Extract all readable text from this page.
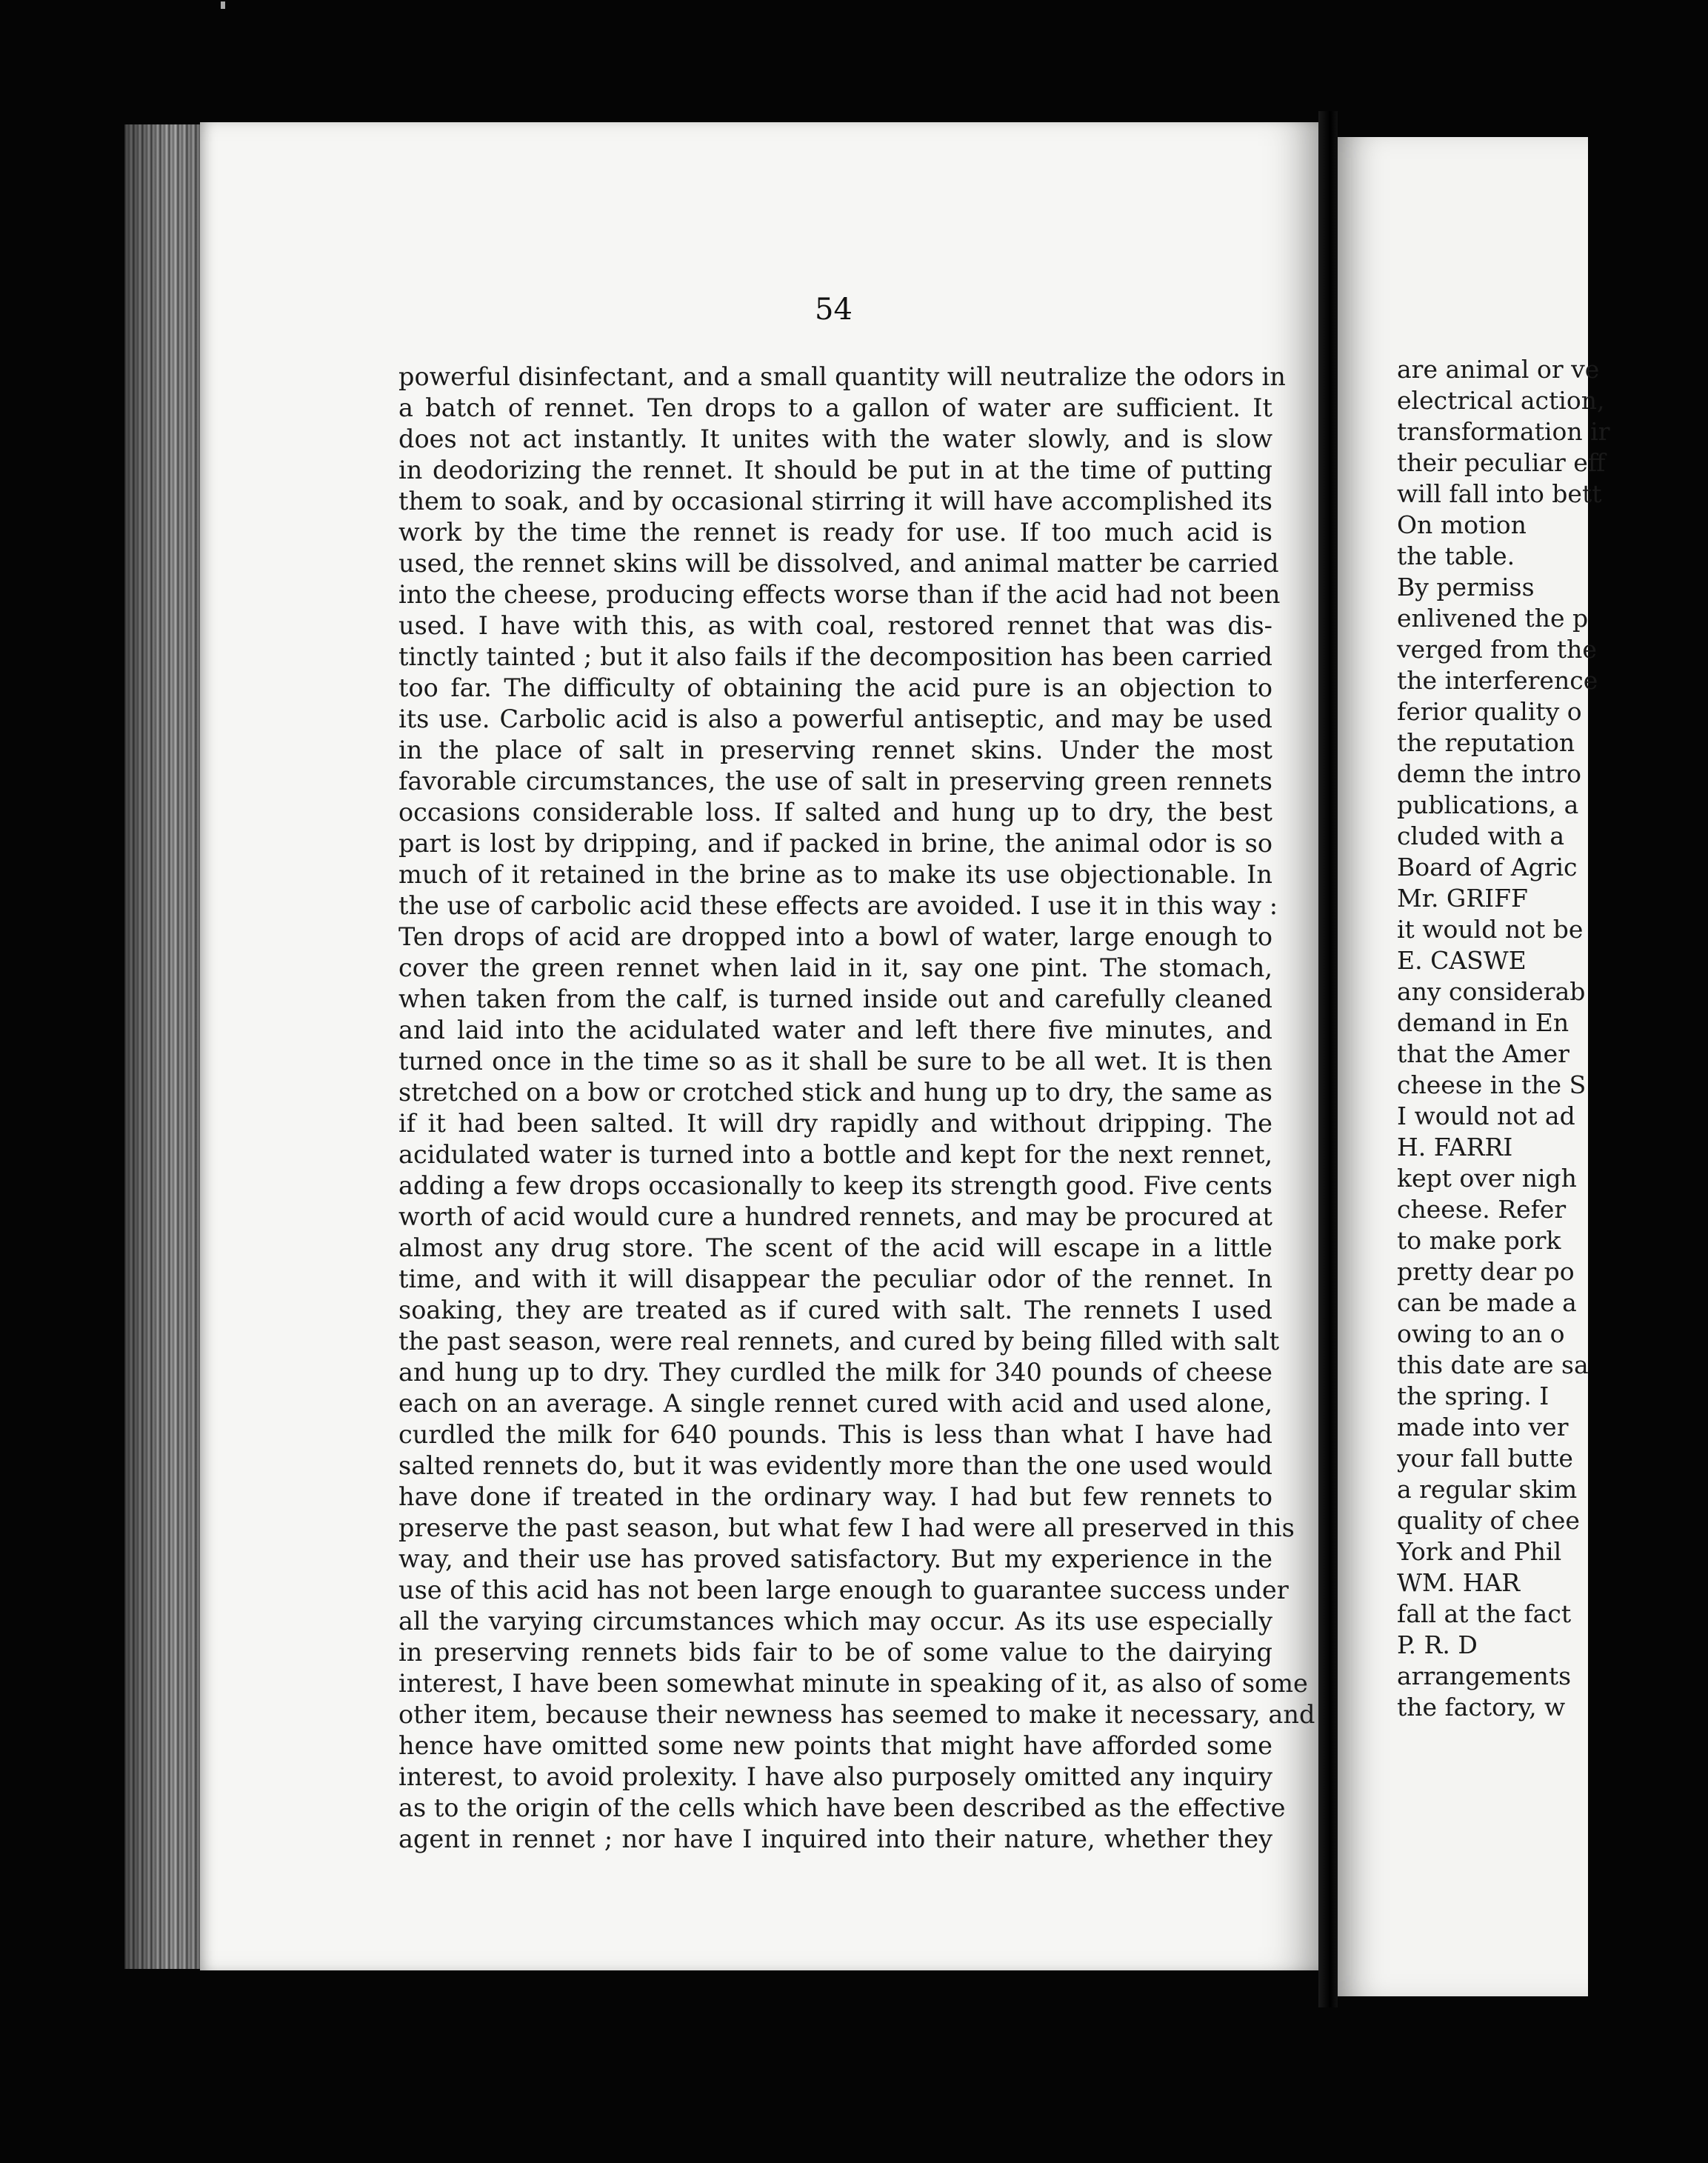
54
powerful disinfectant, and a small quantity will neutralize the odors in
a batch of rennet. Ten drops to a gallon of water are sufficient. It
does not act instantly. It unites with the water slowly, and is slow
in deodorizing the rennet. It should be put in at the time of putting
them to soak, and by occasional stirring it will have accomplished its
work by the time the rennet is ready for use. If too much acid is
used, the rennet skins will be dissolved, and animal matter be carried
into the cheese, producing effects worse than if the acid had not been
used. I have with this, as with coal, restored rennet that was dis-
tinctly tainted ; but it also fails if the decomposition has been carried
too far. The difficulty of obtaining the acid pure is an objection to
its use. Carbolic acid is also a powerful antiseptic, and may be used
in the place of salt in preserving rennet skins. Under the most
favorable circumstances, the use of salt in preserving green rennets
occasions considerable loss. If salted and hung up to dry, the best
part is lost by dripping, and if packed in brine, the animal odor is so
much of it retained in the brine as to make its use objectionable. In
the use of carbolic acid these effects are avoided. I use it in this way :
Ten drops of acid are dropped into a bowl of water, large enough to
cover the green rennet when laid in it, say one pint. The stomach,
when taken from the calf, is turned inside out and carefully cleaned
and laid into the acidulated water and left there five minutes, and
turned once in the time so as it shall be sure to be all wet. It is then
stretched on a bow or crotched stick and hung up to dry, the same as
if it had been salted. It will dry rapidly and without dripping. The
acidulated water is turned into a bottle and kept for the next rennet,
adding a few drops occasionally to keep its strength good. Five cents
worth of acid would cure a hundred rennets, and may be procured at
almost any drug store. The scent of the acid will escape in a little
time, and with it will disappear the peculiar odor of the rennet. In
soaking, they are treated as if cured with salt. The rennets I used
the past season, were real rennets, and cured by being filled with salt
and hung up to dry. They curdled the milk for 340 pounds of cheese
each on an average. A single rennet cured with acid and used alone,
curdled the milk for 640 pounds. This is less than what I have had
salted rennets do, but it was evidently more than the one used would
have done if treated in the ordinary way. I had but few rennets to
preserve the past season, but what few I had were all preserved in this
way, and their use has proved satisfactory. But my experience in the
use of this acid has not been large enough to guarantee success under
all the varying circumstances which may occur. As its use especially
in preserving rennets bids fair to be of some value to the dairying
interest, I have been somewhat minute in speaking of it, as also of some
other item, because their newness has seemed to make it necessary, and
hence have omitted some new points that might have afforded some
interest, to avoid prolexity. I have also purposely omitted any inquiry
as to the origin of the cells which have been described as the effective
agent in rennet ; nor have I inquired into their nature, whether they
are animal or ve
electrical action,
transformation ir
their peculiar eff
will fall into bett
On motion
the table.
By permiss
enlivened the p
verged from the
the interference
ferior quality o
the reputation
demn the intro
publications, a
cluded with a
Board of Agric
Mr. GRIFF
it would not be
E. CASWE
any considerab
demand in En
that the Amer
cheese in the S
I would not ad
H. FARRI
kept over nigh
cheese. Refer
to make pork
pretty dear po
can be made a
owing to an o
this date are sa
the spring. I
made into ver
your fall butte
a regular skim
quality of chee
York and Phil
WM. HAR
fall at the fact
P. R. D
arrangements
the factory, w
